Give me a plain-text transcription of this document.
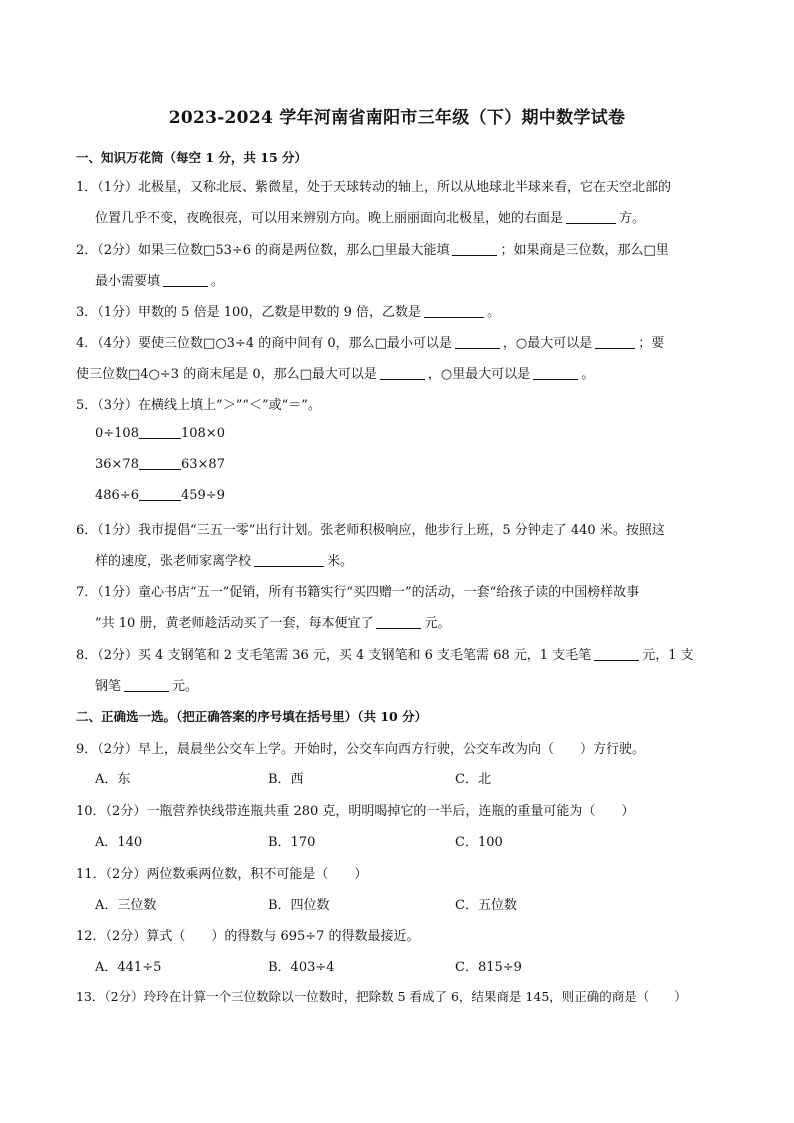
2023-2024 学年河南省南阳市三年级（下）期中数学试卷
一、知识万花筒（每空 1 分，共 15 分）
1．（1分）北极星，又称北辰、紫微星，处于天球转动的轴上，所以从地球北半球来看，它在天空北部的
位置几乎不变，夜晚很亮，可以用来辨别方向。晚上丽丽面向北极星，她的右面是	方。
2．（2分）如果三位数□53÷6 的商是两位数，那么□里最大能填	；如果商是三位数，那么□里
最小需要填	。
3．（1分）甲数的 5 倍是 100，乙数是甲数的 9 倍，乙数是	。
4．（4分）要使三位数□○3÷4 的商中间有 0，那么□最小可以是	，○最大可以是	；要
使三位数□4○÷3 的商末尾是 0，那么□最大可以是	，○里最大可以是	。
5．（3分）在横线上填上“＞”“＜”或“＝”。
0÷108	108×0
36×78	63×87
486÷6	459÷9
6．（1分）我市提倡“三五一零”出行计划。张老师积极响应，他步行上班，5 分钟走了 440 米。按照这
样的速度，张老师家离学校	米。
7．（1分）童心书店“五一”促销，所有书籍实行“买四赠一”的活动，一套“给孩子读的中国榜样故事
”共 10 册，黄老师趁活动买了一套，每本便宜了	元。
8．（2分）买 4 支钢笔和 2 支毛笔需 36 元，买 4 支钢笔和 6 支毛笔需 68 元，1 支毛笔	元，1 支
钢笔	元。
二、正确选一选。（把正确答案的序号填在括号里）（共 10 分）
9．（2分）早上，晨晨坐公交车上学。开始时，公交车向西方行驶，公交车改为向（　　）方行驶。
A．东	B．西	C．北
10．（2分）一瓶营养快线带连瓶共重 280 克，明明喝掉它的一半后，连瓶的重量可能为（　　）
A．140	B．170	C．100
11．（2分）两位数乘两位数，积不可能是（　　）
A．三位数	B．四位数	C．五位数
12．（2分）算式（　　）的得数与 695÷7 的得数最接近。
A．441÷5	B．403÷4	C．815÷9
13．（2分）玲玲在计算一个三位数除以一位数时，把除数 5 看成了 6，结果商是 145，则正确的商是（　　）
